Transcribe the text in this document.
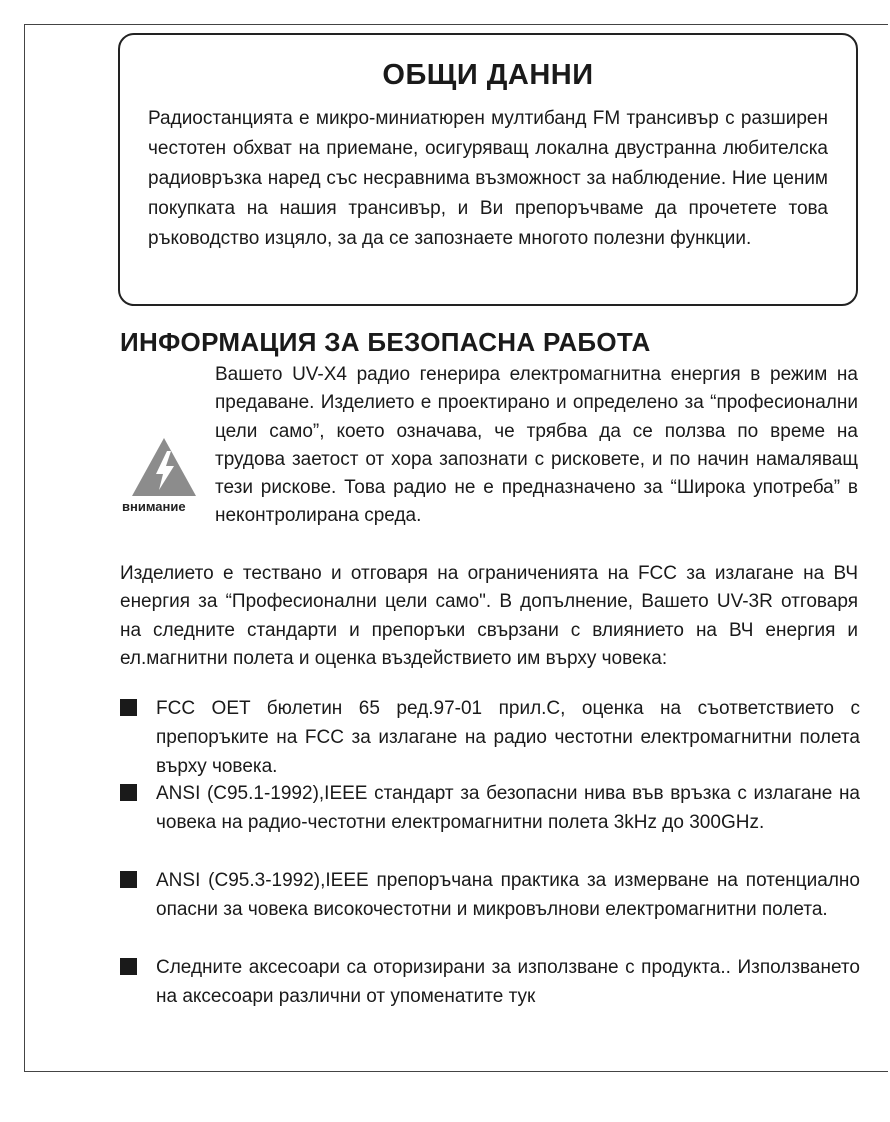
ОБЩИ ДАННИ

Радиостанцията е микро-миниатюрен мултибанд FM трансивър с разширен честотен обхват на приемане, осигуряващ локална двустранна любителска радиовръзка наред със несравнима възможност за наблюдение. Ние ценим покупката на нашия трансивър, и Ви препоръчваме да прочетете това ръководство изцяло, за да се запознаете многото полезни функции.

ИНФОРМАЦИЯ ЗА БЕЗОПАСНА РАБОТА
внимание

Вашето UV-X4 радио генерира електромагнитна енергия в режим на предаване. Изделието е проектирано и определено за “професионални цели само”, което означава, че трябва да се ползва по време на трудова заетост от хора запознати с рисковете, и по начин намаляващ тези рискове. Това радио не е предназначено за “Широка употреба” в неконтролирана среда.

Изделието е тествано и отговаря на ограниченията на FCC за излагане на ВЧ енергия за “Професионални цели само". В допълнение, Вашето UV-3R отговаря на следните стандарти и препоръки свързани с влиянието на ВЧ енергия и ел.магнитни полета и оценка въздействието им върху човека:

FCC OET бюлетин 65 ред.97-01 прил.C, оценка на съответствието с препоръките на FCC за излагане на радио честотни електромагнитни полета върху човека.
ANSI (C95.1-1992),IEEE стандарт за безопасни нива във връзка с излагане на човека на радио-честотни електромагнитни полета 3kHz до 300GHz.
ANSI (C95.3-1992),IEEE препоръчана практика за измерване на потенциално опасни за човека високочестотни и микровълнови електромагнитни полета.
Следните аксесоари са оторизирани за използване с продукта.. Използването на аксесоари различни от упоменатите тук
